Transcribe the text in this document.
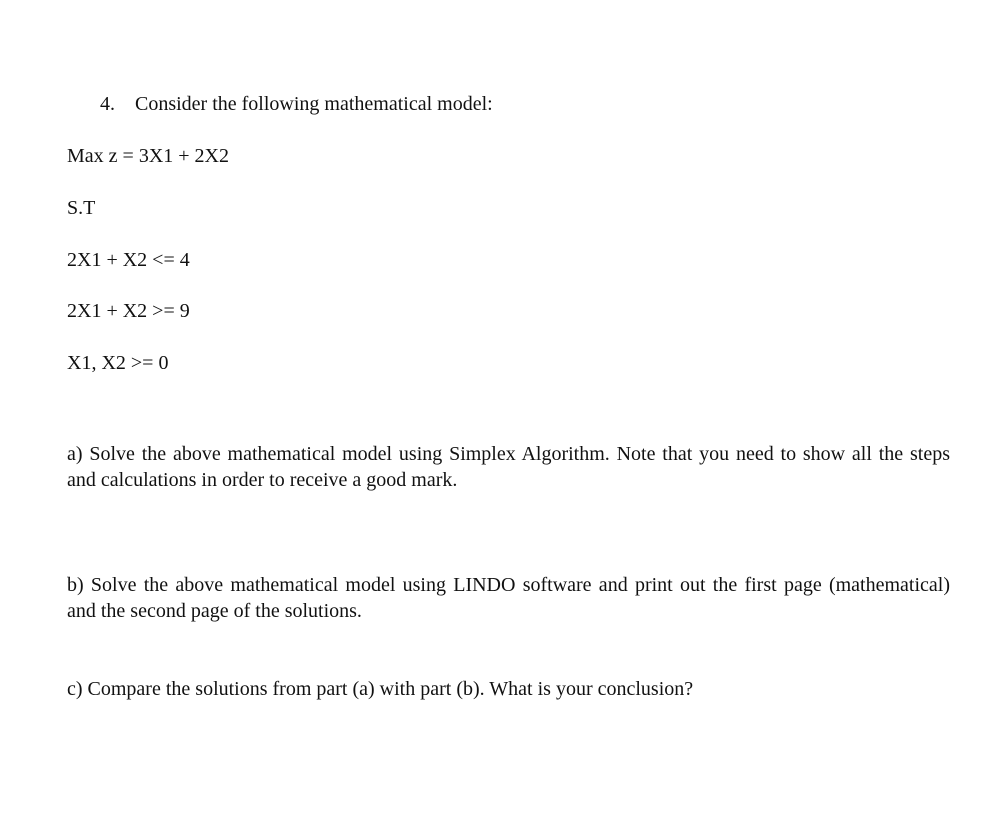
4. Consider the following mathematical model:
Max z = 3X1 + 2X2
S.T
2X1 + X2 <= 4
2X1 + X2 >= 9
X1, X2 >= 0
a) Solve the above mathematical model using Simplex Algorithm. Note that you need to show all the steps and calculations in order to receive a good mark.
b) Solve the above mathematical model using LINDO software and print out the first page (mathematical) and the second page of the solutions.
c) Compare the solutions from part (a) with part (b). What is your conclusion?
